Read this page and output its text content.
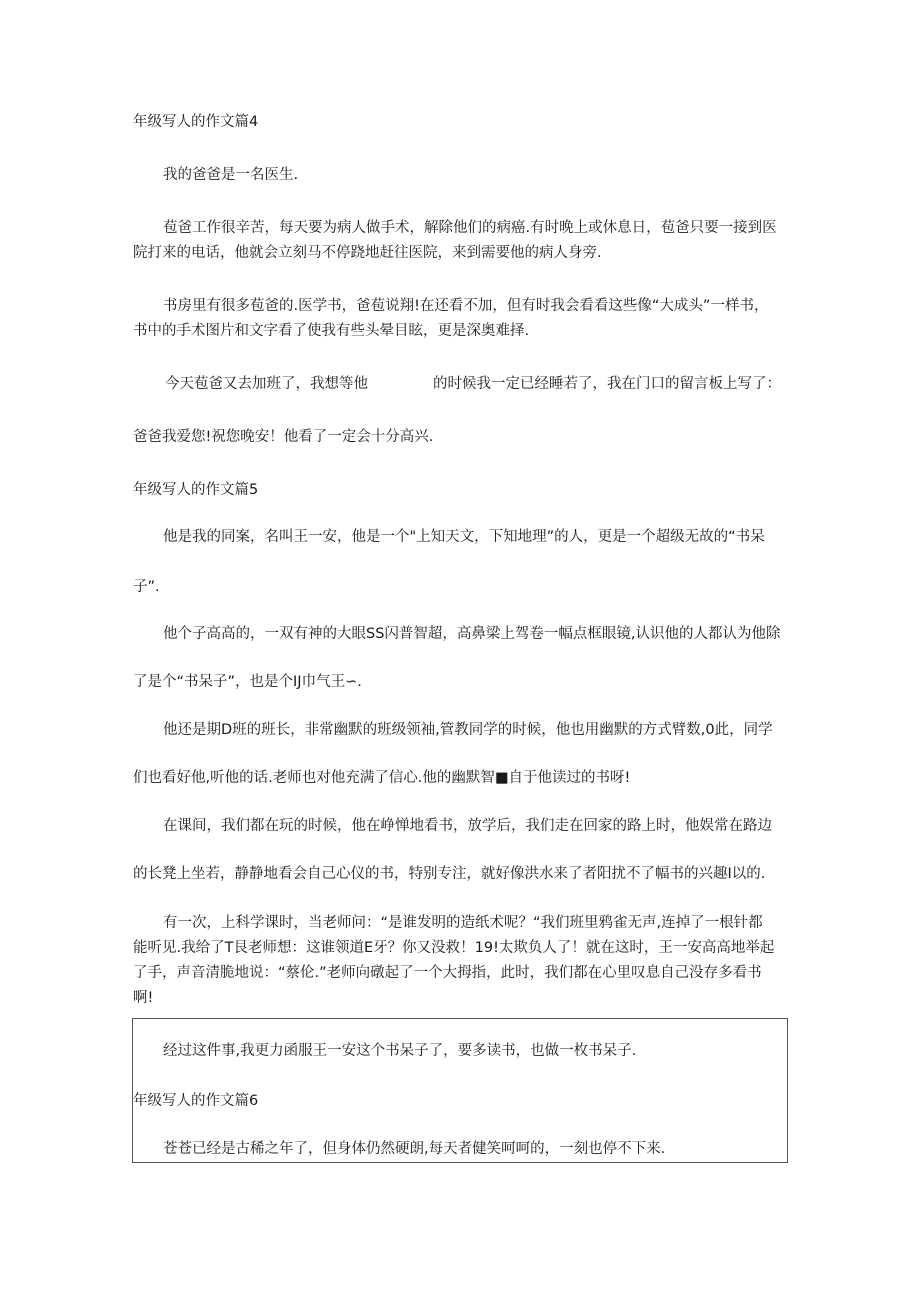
年级写人的作文篇4
我的爸爸是一名医生.
苞爸工作很辛苦，每天要为病人做手术，解除他们的病癌.有时晚上或休息日，苞爸只要一接到医
院打来的电话，他就会立刻马不停跷地赶往医院，来到需要他的病人身旁.
书房里有很多苞爸的.医学书，爸苞说翔!在还看不加，但有时我会看看这些像“大成头”一样书，
书中的手术图片和文字看了使我有些头晕目眩，更是深奥难择.
今天苞爸又去加班了，我想等他	的时候我一定已经睡若了，我在门口的留言板上写了：
爸爸我爱您!祝您晚安！他看了一定会十分高兴.
年级写人的作文篇5
他是我的同案，名叫王一安，他是一个"上知天文，下知地理”的人，更是一个超级无故的“书呆
子”.
他个子高高的，一双有神的大眼SS闪普智超，高鼻梁上驾卷一幅点框眼镜,认识他的人都认为他除
了是个“书呆子”，也是个IJ巾气王∽.
他还是期D班的班长，非常幽默的班级领袖,管教同学的时候，他也用幽默的方式臂数,0此，同学
们也看好他,听他的话.老师也对他充满了信心.他的幽默智■自于他读过的书呀!
在课间，我们都在玩的时候，他在峥惮地看书，放学后，我们走在回家的路上时，他娱常在路边
的长凳上坐若，静静地看会自己心仪的书，特别专注，就好像洪水来了者阳扰不了幅书的兴趣I以的.
有一次，上科学课时，当老师问：“是谁发明的造纸术呢？“我们班里鸦雀无声,连掉了一根针都
能听见.我给了T艮老师想：这谁领道E牙？你又没救！19!太欺负人了！就在这时，王一安高高地举起
了手，声音清脆地说：“蔡伦.”老师向礅起了一个大拇指，此时，我们都在心里叹息自己没存多看书
啊!
经过这件事,我更力函服王一安这个书呆子了，要多读书，也做一枚书呆子.
年级写人的作文篇6
苍苍已经是古稀之年了，但身体仍然硬朗,每天者健笑呵呵的，一刻也停不下来.
